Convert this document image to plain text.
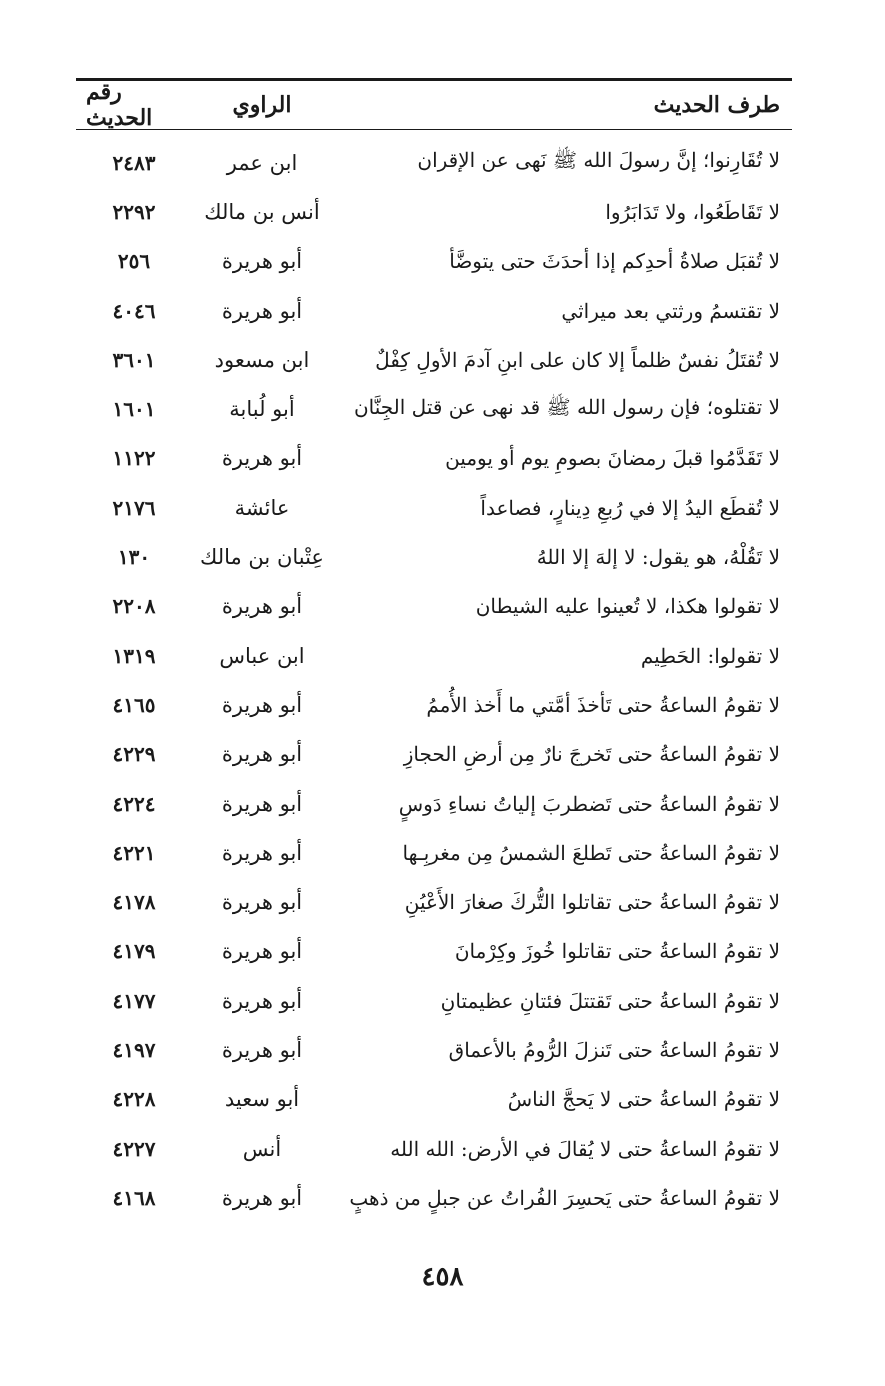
طرف الحديث
الراوي
رقم الحديث
لا تُقَارِنوا؛ إنَّ رسولَ الله ﷺ نَهى عن الإقران
ابن عمر
٢٤٨٣
لا تَقَاطَعُوا، ولا تَدَابَرُوا
أنس بن مالك
٢٢٩٢
لا تُقبَل صلاةُ أحدِكم إذا أحدَثَ حتى يتوضَّأ
أبو هريرة
٢٥٦
لا تقتسمُ ورثتي بعد ميراثي
أبو هريرة
٤٠٤٦
لا تُقتَلُ نفسٌ ظلماً إلا كان على ابنِ آدمَ الأولِ كِفْلٌ
ابن مسعود
٣٦٠١
لا تقتلوه؛ فإن رسول الله ﷺ قد نهى عن قتل الجِنَّان
أبو لُبابة
١٦٠١
لا تَقَدَّمُوا قبلَ رمضانَ بصومِ يوم أو يومين
أبو هريرة
١١٢٢
لا تُقطَع اليدُ إلا في رُبعِ دِينارٍ، فصاعداً
عائشة
٢١٧٦
لا تَقُلْهُ، هو يقول: لا إلهَ إلا اللهُ
عِتْبان بن مالك
١٣٠
لا تقولوا هكذا، لا تُعينوا عليه الشيطان
أبو هريرة
٢٢٠٨
لا تقولوا: الحَطِيم
ابن عباس
١٣١٩
لا تقومُ الساعةُ حتى تَأخذَ أمَّتي ما أَخذ الأُممُ
أبو هريرة
٤١٦٥
لا تقومُ الساعةُ حتى تَخرجَ نارٌ مِن أرضِ الحجازِ
أبو هريرة
٤٢٢٩
لا تقومُ الساعةُ حتى تَضطربَ إلياتُ نساءِ دَوسٍ
أبو هريرة
٤٢٢٤
لا تقومُ الساعةُ حتى تَطلعَ الشمسُ مِن مغربِـها
أبو هريرة
٤٢٢١
لا تقومُ الساعةُ حتى تقاتلوا التُّركَ صغارَ الأَعْيُنِ
أبو هريرة
٤١٧٨
لا تقومُ الساعةُ حتى تقاتلوا خُوزَ وكِرْمانَ
أبو هريرة
٤١٧٩
لا تقومُ الساعةُ حتى تَقتتلَ فئتانِ عظيمتانِ
أبو هريرة
٤١٧٧
لا تقومُ الساعةُ حتى تَنزلَ الرُّومُ بالأعماق
أبو هريرة
٤١٩٧
لا تقومُ الساعةُ حتى لا يَحجَّ الناسُ
أبو سعيد
٤٢٢٨
لا تقومُ الساعةُ حتى لا يُقالَ في الأرض: الله الله
أنس
٤٢٢٧
لا تقومُ الساعةُ حتى يَحسِرَ الفُراتُ عن جبلٍ من ذهبٍ
أبو هريرة
٤١٦٨
٤٥٨
